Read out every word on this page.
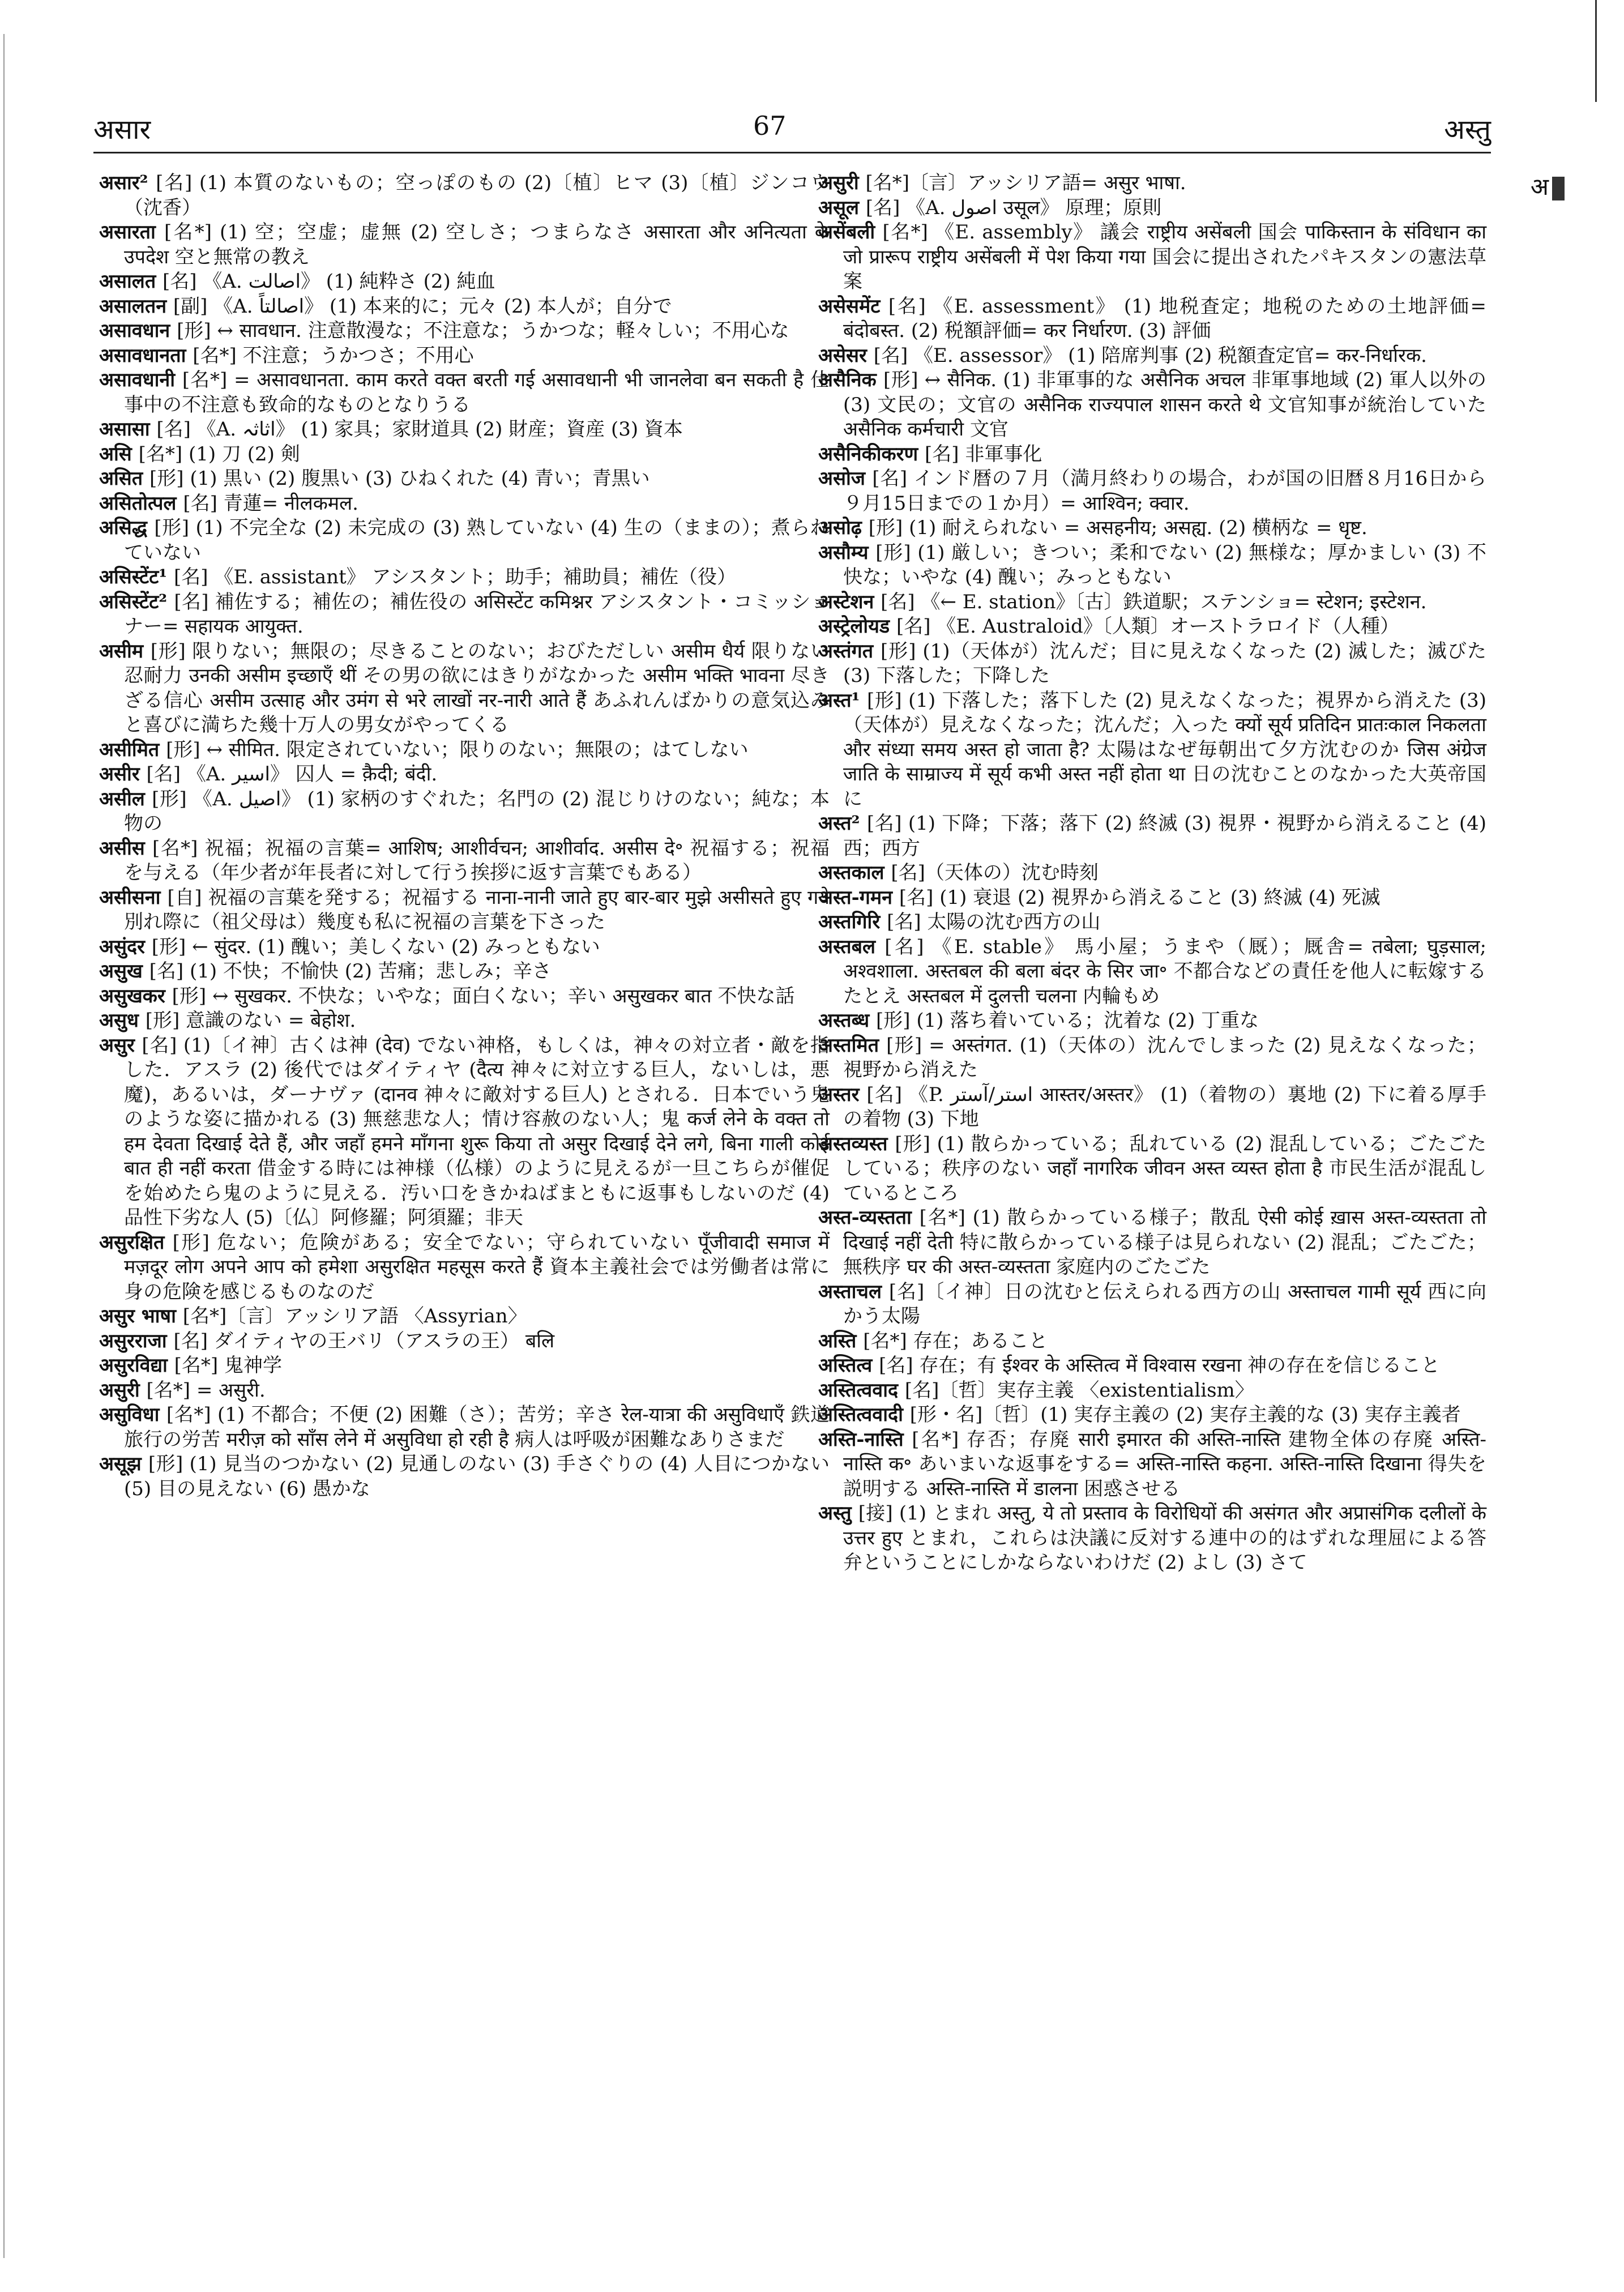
असार	67	अस्तु
अ

असार² [名] (1) 本質のないもの；空っぽのもの (2)〔植〕ヒマ (3)〔植〕ジンコウ（沈香）

असारता [名*] (1) 空；空虚；虚無 (2) 空しさ；つまらなさ असारता और अनित्यता के उपदेश 空と無常の教え

असालत [名] 《A. اصالت》 (1) 純粋さ (2) 純血

असालतन [副] 《A. اصالتاً》 (1) 本来的に；元々 (2) 本人が；自分で

असावधान [形] ↔ सावधान. 注意散漫な；不注意な；うかつな；軽々しい；不用心な

असावधानता [名*] 不注意；うかつさ；不用心

असावधानी [名*] = असावधानता. काम करते वक्त बरती गई असावधानी भी जानलेवा बन सकती है 仕事中の不注意も致命的なものとなりうる

असासा [名] 《A. اثاثہ》 (1) 家具；家財道具 (2) 財産；資産 (3) 資本

असि [名*] (1) 刀 (2) 剣

असित [形] (1) 黒い (2) 腹黒い (3) ひねくれた (4) 青い；青黒い

असितोत्पल [名] 青蓮= नीलकमल.

असिद्ध [形] (1) 不完全な (2) 未完成の (3) 熟していない (4) 生の（ままの）；煮られていない

असिस्टेंट¹ [名] 《E. assistant》 アシスタント；助手；補助員；補佐（役）

असिस्टेंट² [名] 補佐する；補佐の；補佐役の असिस्टेंट कमिश्नर アシスタント・コミッショナー= सहायक आयुक्त.

असीम [形] 限りない；無限の；尽きることのない；おびただしい असीम धैर्य 限りない忍耐力 उनकी असीम इच्छाएँ थीं その男の欲にはきりがなかった असीम भक्ति भावना 尽きざる信心 असीम उत्साह और उमंग से भरे लाखों नर-नारी आते हैं あふれんばかりの意気込みと喜びに満ちた幾十万人の男女がやってくる

असीमित [形] ↔ सीमित. 限定されていない；限りのない；無限の；はてしない

असीर [名] 《A. اسیر》 囚人 = क़ैदी; बंदी.

असील [形] 《A. اصیل》 (1) 家柄のすぐれた；名門の (2) 混じりけのない；純な；本物の

असीस [名*] 祝福；祝福の言葉= आशिष; आशीर्वचन; आशीर्वाद. असीस दे॰ 祝福する；祝福を与える（年少者が年長者に対して行う挨拶に返す言葉でもある）

असीसना [自] 祝福の言葉を発する；祝福する नाना-नानी जाते हुए बार-बार मुझे असीसते हुए गये 別れ際に（祖父母は）幾度も私に祝福の言葉を下さった

असुंदर [形] ← सुंदर. (1) 醜い；美しくない (2) みっともない

असुख [名] (1) 不快；不愉快 (2) 苦痛；悲しみ；辛さ

असुखकर [形] ↔ सुखकर. 不快な；いやな；面白くない；辛い असुखकर बात 不快な話

असुध [形] 意識のない = बेहोश.

असुर [名] (1)〔イ神〕古くは神 (देव) でない神格，もしくは，神々の対立者・敵を指した．アスラ (2) 後代ではダイティヤ (दैत्य 神々に対立する巨人，ないしは，悪魔)，あるいは，ダーナヴァ (दानव 神々に敵対する巨人) とされる．日本でいう鬼のような姿に描かれる (3) 無慈悲な人；情け容赦のない人；鬼 कर्ज लेने के वक्त तो हम देवता दिखाई देते हैं, और जहाँ हमने माँगना शुरू किया तो असुर दिखाई देने लगे, बिना गाली कोई बात ही नहीं करता 借金する時には神様（仏様）のように見えるが一旦こちらが催促を始めたら鬼のように見える．汚い口をきかねばまともに返事もしないのだ (4) 品性下劣な人 (5)〔仏〕阿修羅；阿須羅；非天

असुरक्षित [形] 危ない；危険がある；安全でない；守られていない पूँजीवादी समाज में मज़दूर लोग अपने आप को हमेशा असुरक्षित महसूस करते हैं 資本主義社会では労働者は常に身の危険を感じるものなのだ

असुर भाषा [名*]〔言〕アッシリア語 〈Assyrian〉

असुरराजा [名] ダイティヤの王バリ（アスラの王） बलि

असुरविद्या [名*] 鬼神学

असुरी [名*] = असुरी.

असुविधा [名*] (1) 不都合；不便 (2) 困難（さ）；苦労；辛さ रेल-यात्रा की असुविधाएँ 鉄道旅行の労苦 मरीज़ को साँस लेने में असुविधा हो रही है 病人は呼吸が困難なありさまだ

असूझ [形] (1) 見当のつかない (2) 見通しのない (3) 手さぐりの (4) 人目につかない (5) 目の見えない (6) 愚かな

असुरी [名*]〔言〕アッシリア語= असुर भाषा.

असूल [名] 《A. اصول उसूल》 原理；原則

असेंबली [名*] 《E. assembly》 議会 राष्ट्रीय असेंबली 国会 पाकिस्तान के संविधान का जो प्रारूप राष्ट्रीय असेंबली में पेश किया गया 国会に提出されたパキスタンの憲法草案

असेसमेंट [名] 《E. assessment》 (1) 地税査定；地税のための土地評価= बंदोबस्त. (2) 税額評価= कर निर्धारण. (3) 評価

असेसर [名] 《E. assessor》 (1) 陪席判事 (2) 税額査定官= कर-निर्धारक.

असैनिक [形] ↔ सैनिक. (1) 非軍事的な असैनिक अचल 非軍事地域 (2) 軍人以外の (3) 文民の；文官の असैनिक राज्यपाल शासन करते थे 文官知事が統治していた असैनिक कर्मचारी 文官

असैनिकीकरण [名] 非軍事化

असोज [名] インド暦の７月（満月終わりの場合，わが国の旧暦８月16日から９月15日までの１か月）= आश्विन; क्वार.

असोढ़ [形] (1) 耐えられない = असहनीय; असह्य. (2) 横柄な = धृष्ट.

असौम्य [形] (1) 厳しい；きつい；柔和でない (2) 無様な；厚かましい (3) 不快な；いやな (4) 醜い；みっともない

अस्टेशन [名] 《← E. station》〔古〕鉄道駅；ステンショ= स्टेशन; इस्टेशन.

अस्ट्रेलोयड [名] 《E. Australoid》〔人類〕オーストラロイド（人種）

अस्तंगत [形] (1)（天体が）沈んだ；目に見えなくなった (2) 滅した；滅びた (3) 下落した；下降した

अस्त¹ [形] (1) 下落した；落下した (2) 見えなくなった；視界から消えた (3)（天体が）見えなくなった；沈んだ；入った क्यों सूर्य प्रतिदिन प्रातःकाल निकलता और संध्या समय अस्त हो जाता है? 太陽はなぜ毎朝出て夕方沈むのか जिस अंग्रेज जाति के साम्राज्य में सूर्य कभी अस्त नहीं होता था 日の沈むことのなかった大英帝国に

अस्त² [名] (1) 下降；下落；落下 (2) 終滅 (3) 視界・視野から消えること (4) 西；西方

अस्तकाल [名]（天体の）沈む時刻

अस्त-गमन [名] (1) 衰退 (2) 視界から消えること (3) 終滅 (4) 死滅

अस्तगिरि [名] 太陽の沈む西方の山

अस्तबल [名] 《E. stable》 馬小屋；うまや（厩）；厩舎= तबेला; घुड़साल; अश्वशाला. अस्तबल की बला बंदर के सिर जा॰ 不都合などの責任を他人に転嫁するたとえ अस्तबल में दुलत्ती चलना 内輪もめ

अस्तब्ध [形] (1) 落ち着いている；沈着な (2) 丁重な

अस्तमित [形] = अस्तंगत. (1)（天体の）沈んでしまった (2) 見えなくなった；視野から消えた

अस्तर [名] 《P. استر/آستر आस्तर/अस्तर》 (1)（着物の）裏地 (2) 下に着る厚手の着物 (3) 下地

अस्तव्यस्त [形] (1) 散らかっている；乱れている (2) 混乱している；ごたごたしている；秩序のない जहाँ नागरिक जीवन अस्त व्यस्त होता है 市民生活が混乱しているところ

अस्त-व्यस्तता [名*] (1) 散らかっている様子；散乱 ऐसी कोई ख़ास अस्त-व्यस्तता तो दिखाई नहीं देती 特に散らかっている様子は見られない (2) 混乱；ごたごた；無秩序 घर की अस्त-व्यस्तता 家庭内のごたごた

अस्ताचल [名]〔イ神〕日の沈むと伝えられる西方の山 अस्ताचल गामी सूर्य 西に向かう太陽

अस्ति [名*] 存在；あること

अस्तित्व [名] 存在；有 ईश्वर के अस्तित्व में विश्वास रखना 神の存在を信じること

अस्तित्ववाद [名]〔哲〕実存主義 〈existentialism〉

अस्तित्ववादी [形・名]〔哲〕(1) 実存主義の (2) 実存主義的な (3) 実存主義者

अस्ति-नास्ति [名*] 存否；存廃 सारी इमारत की अस्ति-नास्ति 建物全体の存廃 अस्ति-नास्ति क॰ あいまいな返事をする= अस्ति-नास्ति कहना. अस्ति-नास्ति दिखाना 得失を説明する अस्ति-नास्ति में डालना 困惑させる

अस्तु [接] (1) とまれ अस्तु, ये तो प्रस्ताव के विरोधियों की असंगत और अप्रासंगिक दलीलों के उत्तर हुए とまれ，これらは決議に反対する連中の的はずれな理屈による答弁ということにしかならないわけだ (2) よし (3) さて
